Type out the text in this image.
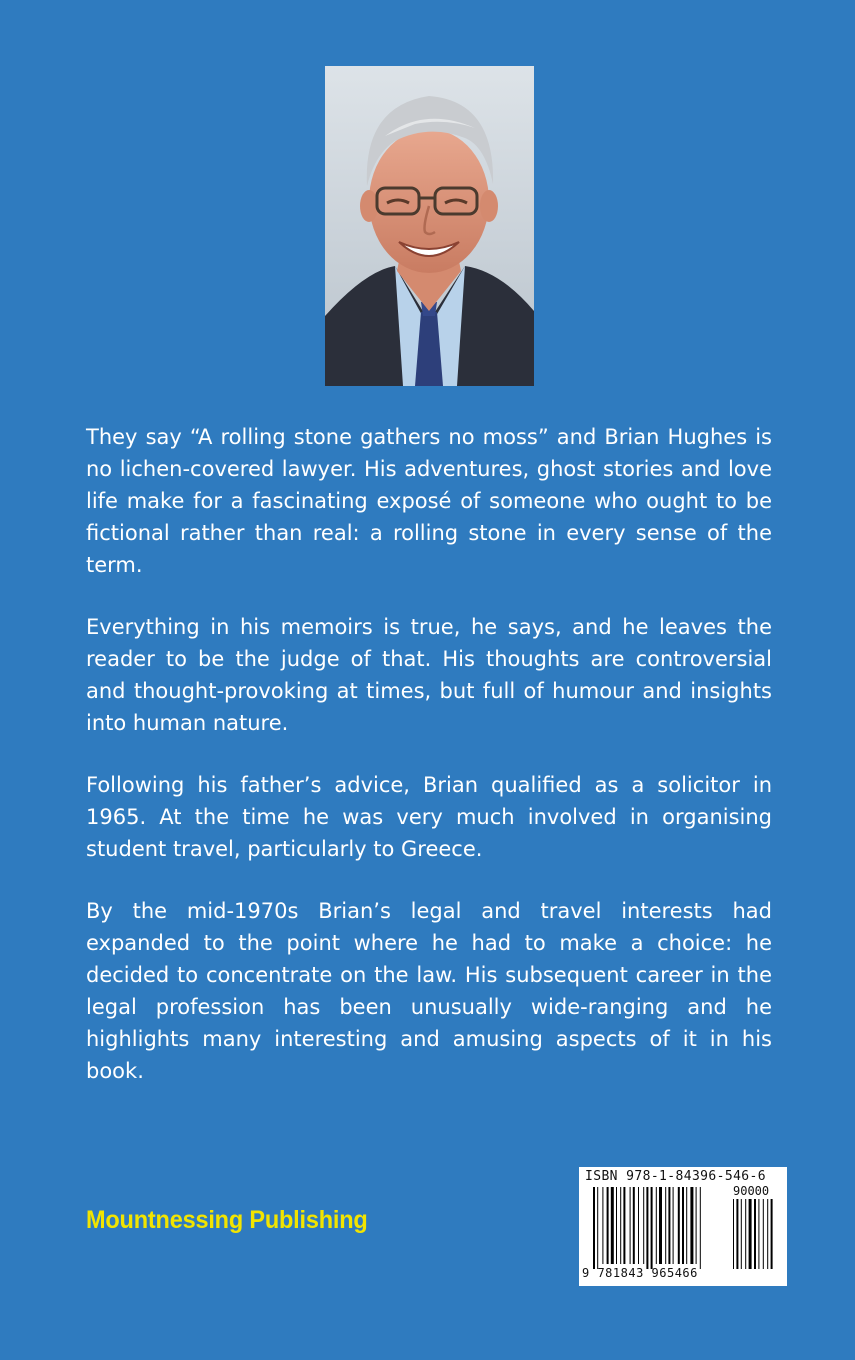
They say “A rolling stone gathers no moss” and Brian Hughes is no lichen-covered lawyer. His adventures, ghost stories and love life make for a fascinating exposé of someone who ought to be fictional rather than real: a rolling stone in every sense of the term.

Everything in his memoirs is true, he says, and he leaves the reader to be the judge of that. His thoughts are controversial and thought-provoking at times, but full of humour and insights into human nature.

Following his father’s advice, Brian qualified as a solicitor in 1965. At the time he was very much involved in organising student travel, particularly to Greece.

By the mid-1970s Brian’s legal and travel interests had expanded to the point where he had to make a choice: he decided to concentrate on the law. His subsequent career in the legal profession has been unusually wide-ranging and he highlights many interesting and amusing aspects of it in his book.

Mountnessing Publishing
ISBN 978-1-84396-546-6
90000
9 781843 965466
